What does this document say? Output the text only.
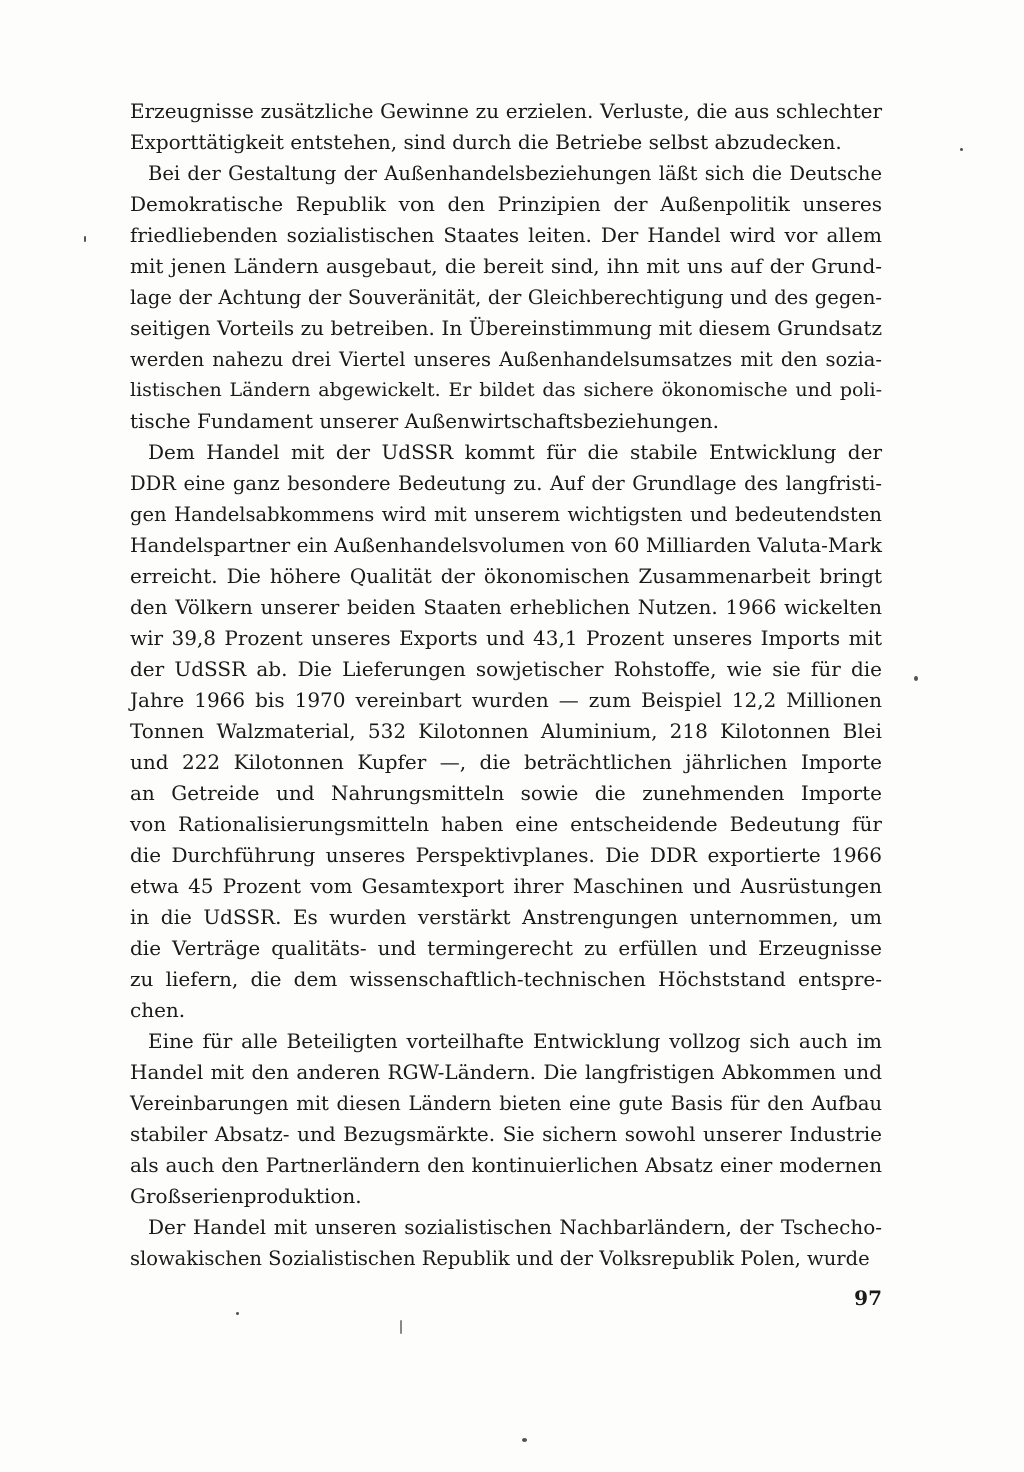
Erzeugnisse zusätzliche Gewinne zu erzielen. Verluste, die aus schlechter
Exporttätigkeit entstehen, sind durch die Betriebe selbst abzudecken.
Bei der Gestaltung der Außenhandelsbeziehungen läßt sich die Deutsche
Demokratische Republik von den Prinzipien der Außenpolitik unseres
friedliebenden sozialistischen Staates leiten. Der Handel wird vor allem
mit jenen Ländern ausgebaut, die bereit sind, ihn mit uns auf der Grund-
lage der Achtung der Souveränität, der Gleichberechtigung und des gegen-
seitigen Vorteils zu betreiben. In Übereinstimmung mit diesem Grundsatz
werden nahezu drei Viertel unseres Außenhandelsumsatzes mit den sozia-
listischen Ländern abgewickelt. Er bildet das sichere ökonomische und poli-
tische Fundament unserer Außenwirtschaftsbeziehungen.
Dem Handel mit der UdSSR kommt für die stabile Entwicklung der
DDR eine ganz besondere Bedeutung zu. Auf der Grundlage des langfristi-
gen Handelsabkommens wird mit unserem wichtigsten und bedeutendsten
Handelspartner ein Außenhandelsvolumen von 60 Milliarden Valuta-Mark
erreicht. Die höhere Qualität der ökonomischen Zusammenarbeit bringt
den Völkern unserer beiden Staaten erheblichen Nutzen. 1966 wickelten
wir 39,8 Prozent unseres Exports und 43,1 Prozent unseres Imports mit
der UdSSR ab. Die Lieferungen sowjetischer Rohstoffe, wie sie für die
Jahre 1966 bis 1970 vereinbart wurden — zum Beispiel 12,2 Millionen
Tonnen Walzmaterial, 532 Kilotonnen Aluminium, 218 Kilotonnen Blei
und 222 Kilotonnen Kupfer —, die beträchtlichen jährlichen Importe
an Getreide und Nahrungsmitteln sowie die zunehmenden Importe
von Rationalisierungsmitteln haben eine entscheidende Bedeutung für
die Durchführung unseres Perspektivplanes. Die DDR exportierte 1966
etwa 45 Prozent vom Gesamtexport ihrer Maschinen und Ausrüstungen
in die UdSSR. Es wurden verstärkt Anstrengungen unternommen, um
die Verträge qualitäts- und termingerecht zu erfüllen und Erzeugnisse
zu liefern, die dem wissenschaftlich-technischen Höchststand entspre-
chen.
Eine für alle Beteiligten vorteilhafte Entwicklung vollzog sich auch im
Handel mit den anderen RGW-Ländern. Die langfristigen Abkommen und
Vereinbarungen mit diesen Ländern bieten eine gute Basis für den Aufbau
stabiler Absatz- und Bezugsmärkte. Sie sichern sowohl unserer Industrie
als auch den Partnerländern den kontinuierlichen Absatz einer modernen
Großserienproduktion.
Der Handel mit unseren sozialistischen Nachbarländern, der Tschecho-
slowakischen Sozialistischen Republik und der Volksrepublik Polen, wurde
97
